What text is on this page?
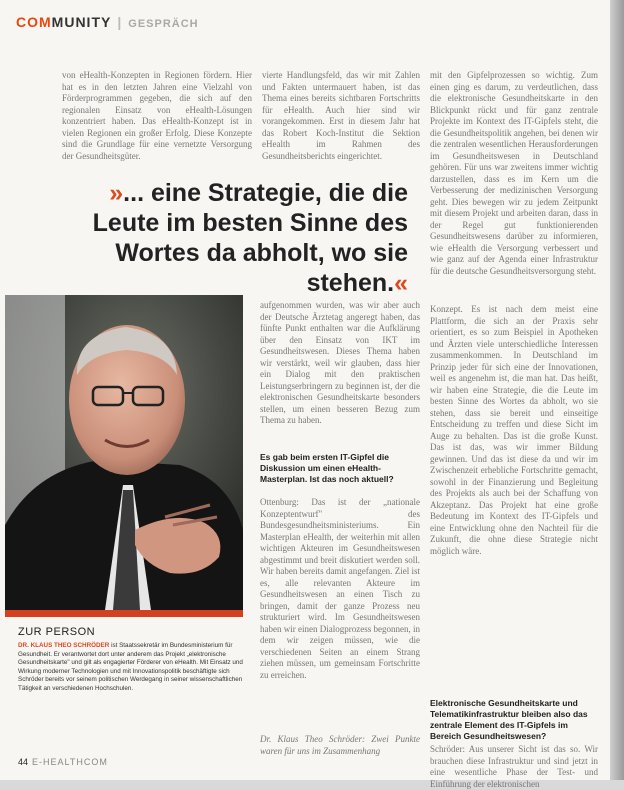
COMMUNITY | GESPRÄCH
von eHealth-Konzepten in Regionen fördern. Hier hat es in den letzten Jahren eine Vielzahl von Förderprogrammen gegeben, die sich auf den regionalen Einsatz von eHealth-Lösungen konzentriert haben. Das eHealth-Konzept ist in vielen Regionen ein großer Erfolg. Diese Konzepte sind die Grundlage für eine vernetzte Versorgung der Gesundheitsgüter.
vierte Handlungsfeld, das wir mit Zahlen und Fakten untermauert haben, ist das Thema eines bereits sichtbaren Fortschritts für eHealth. Auch hier sind wir vorangekommen. Erst in diesem Jahr hat das Robert Koch-Institut die Sektion eHealth im Rahmen des Gesundheitsberichts eingerichtet.
mit den Gipfelprozessen so wichtig. Zum einen ging es darum, zu verdeutlichen, dass die elektronische Gesundheitskarte in den Blickpunkt rückt und für ganz zentrale Projekte im Kontext des IT-Gipfels steht, die die Gesundheitspolitik angehen, bei denen wir die zentralen wesentlichen Herausforderungen im Gesundheitswesen in Deutschland gehören. Für uns war zweitens immer wichtig darzustellen, dass es im Kern um die Verbesserung der medizinischen Versorgung geht. Dies bewegen wir zu jedem Zeitpunkt mit diesem Projekt und arbeiten daran, dass in der Regel gut funktionierenden Gesundheitswesens darüber zu informieren, wie eHealth die Versorgung verbessert und wie ganz auf der Agenda einer Infrastruktur für die deutsche Gesundheitsversorgung steht.
»... eine Strategie, die die Leute im besten Sinne des Wortes da abholt, wo sie stehen.«
aufgenommen wurden, was wir aber auch der Deutsche Ärztetag angeregt haben, das fünfte Punkt enthalten war die Aufklärung über den Einsatz von IKT im Gesundheitswesen. Dieses Thema haben wir verstärkt, weil wir glauben, dass hier ein Dialog mit den praktischen Leistungserbringern zu beginnen ist, der die elektronischen Gesundheitskarte besonders stellen, um einen besseren Bezug zum Thema zu haben.
Es gab beim ersten IT-Gipfel die Diskussion um einen eHealth-Masterplan. Ist das noch aktuell?
Ottenburg: Das ist der „nationale Konzeptentwurf" des Bundesgesundheitsministeriums. Ein Masterplan eHealth, der weiterhin mit allen wichtigen Akteuren im Gesundheitswesen abgestimmt und breit diskutiert werden soll. Wir haben bereits damit angefangen. Ziel ist es, alle relevanten Akteure im Gesundheitswesen an einen Tisch zu bringen, damit der ganze Prozess neu strukturiert wird. Im Gesundheitswesen haben wir einen Dialogprozess begonnen, in dem wir zeigen müssen, wie die verschiedenen Seiten an einem Strang ziehen müssen, um gemeinsam Fortschritte zu erreichen.
Dr. Klaus Theo Schröder: Zwei Punkte waren für uns im Zusammenhang
Konzept. Es ist nach dem meist eine Plattform, die sich an der Praxis sehr orientiert, es so zum Beispiel in Apotheken und Ärzten viele unterschiedliche Interessen zusammenkommen. In Deutschland im Prinzip jeder für sich eine der Innovationen, weil es angenehm ist, die man hat. Das heißt, wir haben eine Strategie, die die Leute im besten Sinne des Wortes da abholt, wo sie stehen, dass sie bereit und einseitige Entscheidung zu treffen und diese Sicht im Auge zu behalten. Das ist die große Kunst. Das ist das, was wir immer Bildung gewinnen. Und das ist diese da und wir im Zwischenzeit erhebliche Fortschritte gemacht, sowohl in der Finanzierung und Begleitung des Projekts als auch bei der Schaffung von Akzeptanz. Das Projekt hat eine große Bedeutung im Kontext des IT-Gipfels und eine Entwicklung ohne den Nachteil für die Zukunft, die ohne diese Strategie nicht möglich wäre.
Elektronische Gesundheitskarte und Telematikinfrastruktur bleiben also das zentrale Element des IT-Gipfels im Bereich Gesundheitswesen?
Schröder: Aus unserer Sicht ist das so. Wir brauchen diese Infrastruktur und sind jetzt in eine wesentliche Phase der Test- und Einführung der elektronischen
ZUR PERSON
DR. KLAUS THEO SCHRÖDER ist Staatssekretär im Bundesministerium für Gesundheit. Er verantwortet dort unter anderem das Projekt „elektronische Gesundheitskarte" und gilt als engagierter Förderer von eHealth. Mit Einsatz und Wirkung moderner Technologien und mit Innovationspolitik beschäftigte sich Schröder bereits vor seinem politischen Werdegang in seiner wissenschaftlichen Tätigkeit an verschiedenen Hochschulen.
44 E-HEALTHCOM
